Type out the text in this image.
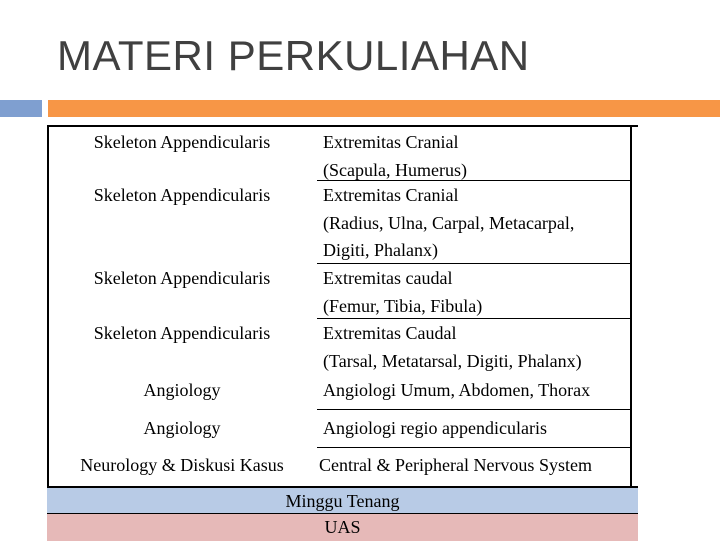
MATERI PERKULIAHAN
Skeleton Appendicularis
Skeleton Appendicularis
Skeleton Appendicularis
Skeleton Appendicularis
Angiology
Angiology
Neurology & Diskusi Kasus
Extremitas Cranial
(Scapula, Humerus)
Extremitas Cranial
(Radius, Ulna, Carpal, Metacarpal,
Digiti, Phalanx)
Extremitas caudal
(Femur, Tibia, Fibula)
Extremitas Caudal
(Tarsal, Metatarsal, Digiti, Phalanx)
Angiologi Umum, Abdomen, Thorax
Angiologi regio appendicularis
Central & Peripheral Nervous System
Minggu Tenang
UAS
